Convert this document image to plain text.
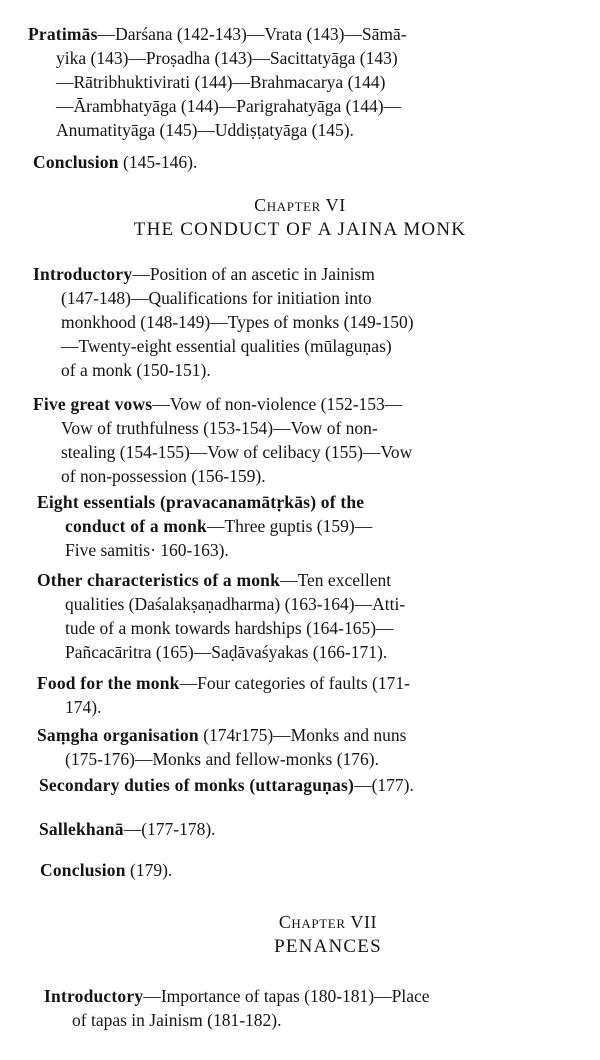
Pratimās—Darśana (142-143)—Vrata (143)—Sāmā-

yika (143)—Proṣadha (143)—Sacittatyāga (143)

—Rātribhuktivirati (144)—Brahmacarya (144)

—Ārambhatyāga (144)—Parigrahatyāga (144)—

Anumatityāga (145)—Uddiṣṭatyāga (145).

Conclusion (145-146).

Chapter VI
THE CONDUCT OF A JAINA MONK

Introductory—Position of an ascetic in Jainism

(147-148)—Qualifications for initiation into

monkhood (148-149)—Types of monks (149-150)

—Twenty-eight essential qualities (mūlaguṇas)

of a monk (150-151).

Five great vows—Vow of non-violence (152-153—

Vow of truthfulness (153-154)—Vow of non-

stealing (154-155)—Vow of celibacy (155)—Vow

of non-possession (156-159).

Eight essentials (pravacanamātṛkās) of the

conduct of a monk—Three guptis (159)—

Five samitis· 160-163).

Other characteristics of a monk—Ten excellent

qualities (Daśalakṣaṇadharma) (163-164)—Atti-

tude of a monk towards hardships (164-165)—

Pañcacāritra (165)—Saḍāvaśyakas (166-171).

Food for the monk—Four categories of faults (171-

174).

Saṃgha organisation (174r175)—Monks and nuns

(175-176)—Monks and fellow-monks (176).

Secondary duties of monks (uttaraguṇas)—(177).

Sallekhanā—(177-178).

Conclusion (179).

Chapter VII
PENANCES

Introductory—Importance of tapas (180-181)—Place

of tapas in Jainism (181-182).
